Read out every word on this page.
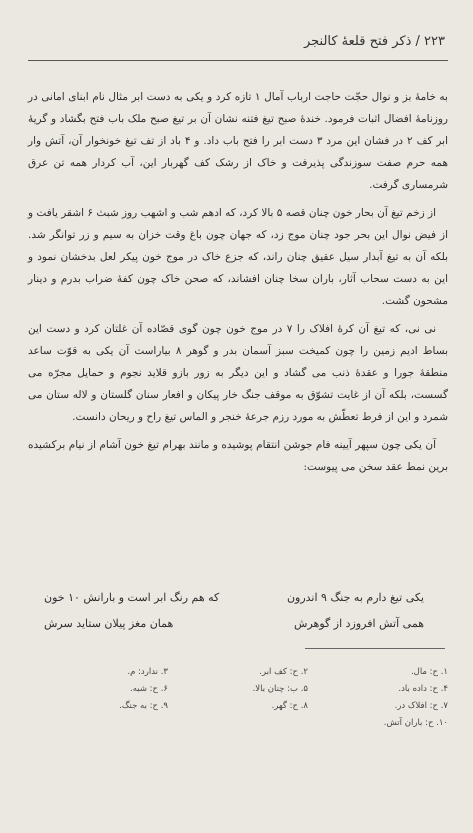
۲۲۳ / ذکر فتح قلعهٔ کالنجر

به خامهٔ بز و نوال حجّت حاجت ارباب آمال ۱ تازه کرد و یکی به دست ابر مثال نام ابنای امانی در روزنامهٔ افضال اثبات فرمود. خندهٔ صبح تیغ فتنه نشان آن بر تیغ صبح ملک باب فتح بگشاد و گریهٔ ابر کف ۲ در فشان این مرد ۳ دست ابر را فتح باب داد. و ۴ باد از تف تیغ خونخوار آن، آتش وار همه حرم صفت سوزندگی پذیرفت و خاک از رشک کف گهربار این، آب کردار همه تن عرق شرمساری گرفت.

از زخم تیغ آن بحار خون چنان قصه ۵ بالا کرد، که ادهم شب و اشهب روز شبث ۶ اشقر یافت و از فیض نوال این بحر جود چنان موج زد، که جهان چون باغ وقت خزان به سیم و زر توانگر شد. بلکه آن به تیغ آبدار سیل عقیق چنان راند، که جزع خاک در موج خون پیکر لعل بدخشان نمود و این به دست سحاب آثار، باران سخا چنان افشاند، که صحن خاک چون کفهٔ ضراب بدرم و دینار مشحون گشت.

نی نی، که تیغ آن کرهٔ افلاک را ۷ در موج خون چون گوی قصّاده آن غلتان کرد و دست این بساط ادیم زمین را چون کمیخت سبز آسمان بدر و گوهر ۸ بیاراست آن یکی به قوّت ساعد منطقهٔ جورا و عقدهٔ ذنب می گشاد و این دیگر به زور بازو قلاید نجوم و حمایل مجرّه می گسست، بلکه آن از غایت تشوّق به موقف جنگ خار پیکان و افعار سنان گلستان و لاله ستان می شمرد و این از فرط تعطّش به مورد رزم جرعهٔ خنجر و الماس تیغ راح و ریحان دانست.

آن یکی چون سپهر آیینه فام جوشن انتقام پوشیده و مانند بهرام تیغ خون آشام از نیام برکشیده برین نمط عقد سخن می پیوست:

یکی تیغ دارم به جنگ ۹ اندرون
که هم رنگ ابر است و بارانش ۱۰ خون
همی آتش افروزد از گوهرش
همان مغز پیلان ستاید سرش
۱. ح: مال.
۲. ح: کف ابر.
۳. ندارد: م.
۴. ح: داده باد.
۵. ب: چنان بالا.
۶. ح: شبه.
۷. ح: افلاک در.
۸. ح: گهر.
۹. ح: به جنگ.
۱۰. ح: باران آتش.
